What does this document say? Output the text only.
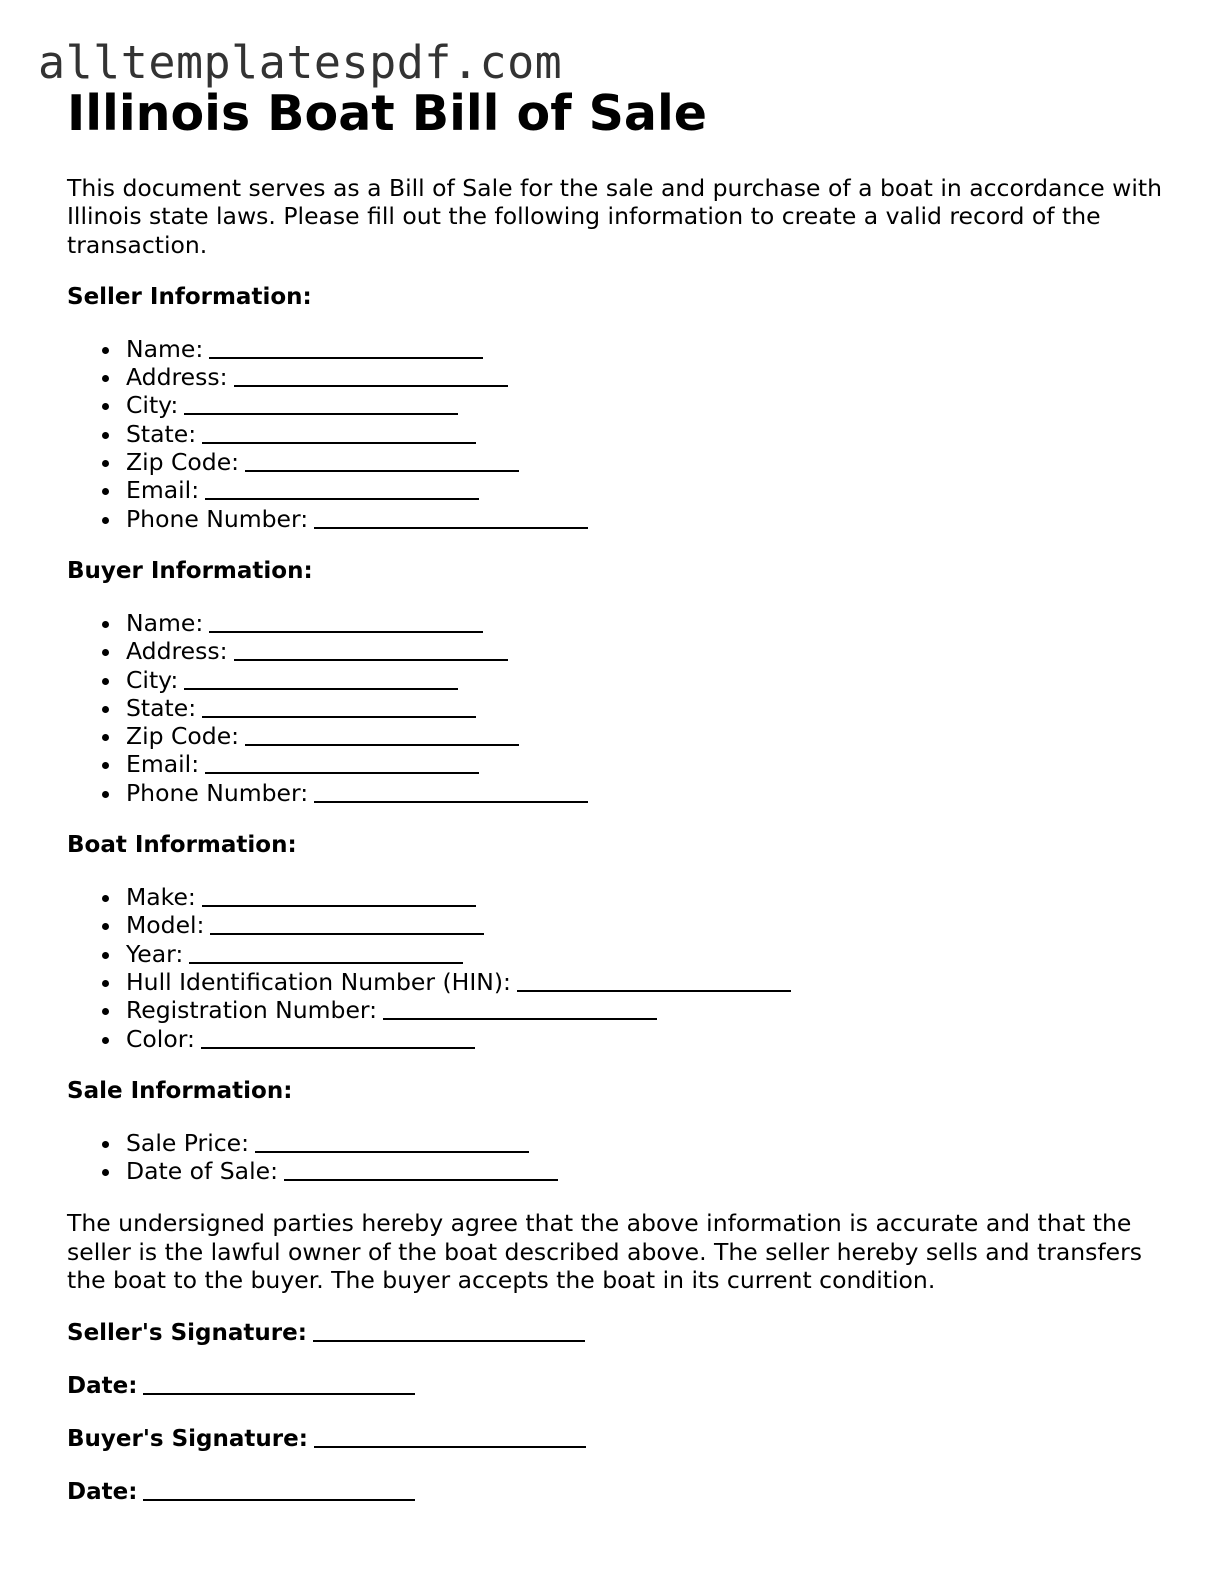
alltemplatespdf.com
Illinois Boat Bill of Sale

This document serves as a Bill of Sale for the sale and purchase of a boat in accordance with Illinois state laws. Please fill out the following information to create a valid record of the transaction.

Seller Information:
Name:
Address:
City:
State:
Zip Code:
Email:
Phone Number:
Buyer Information:
Name:
Address:
City:
State:
Zip Code:
Email:
Phone Number:
Boat Information:
Make:
Model:
Year:
Hull Identification Number (HIN):
Registration Number:
Color:
Sale Information:
Sale Price:
Date of Sale:

The undersigned parties hereby agree that the above information is accurate and that the seller is the lawful owner of the boat described above. The seller hereby sells and transfers the boat to the buyer. The buyer accepts the boat in its current condition.

Seller's Signature:
Date:
Buyer's Signature:
Date:
